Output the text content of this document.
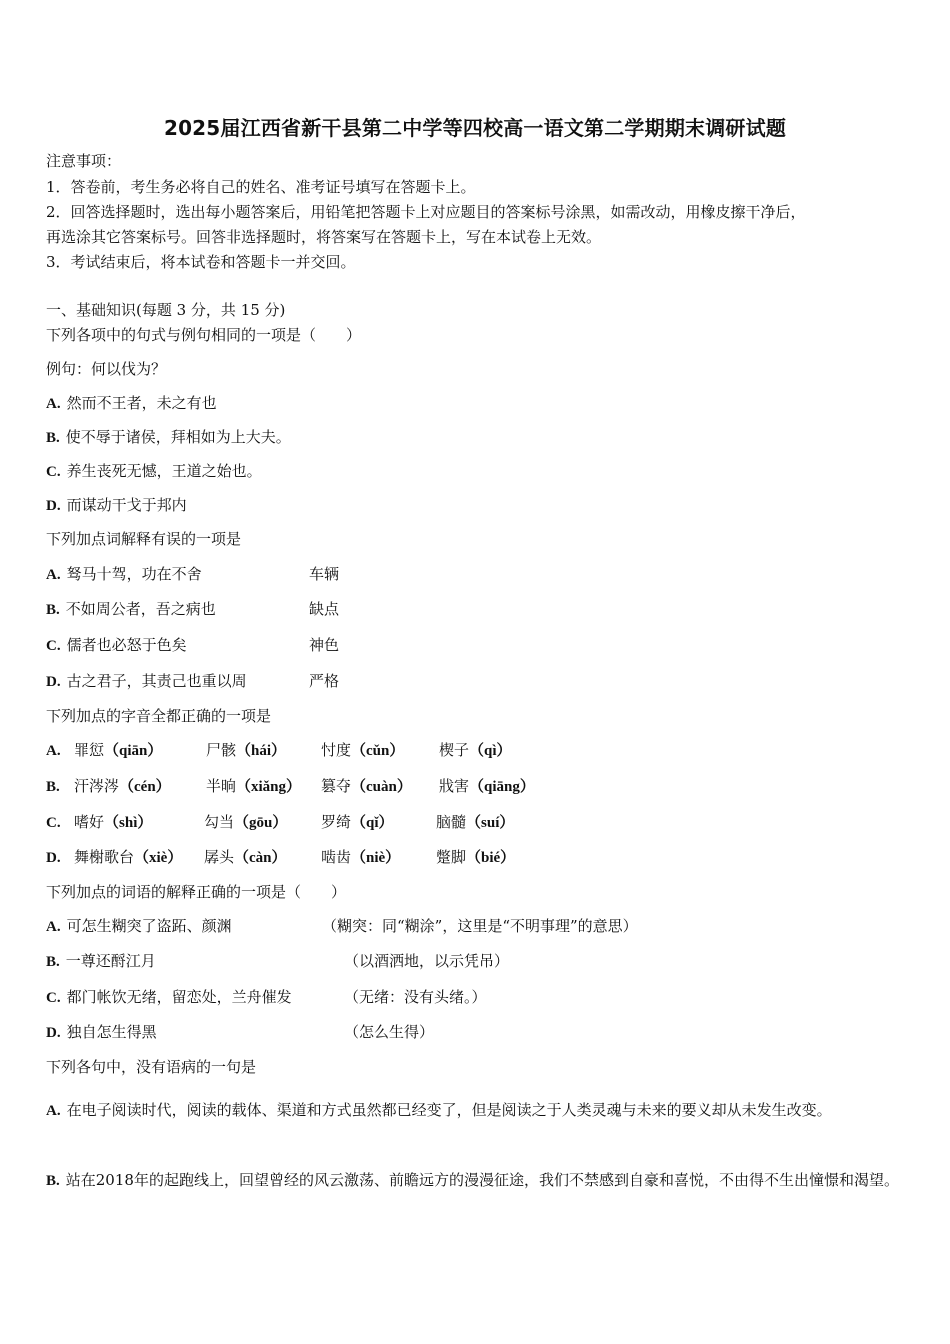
2025届江西省新干县第二中学等四校高一语文第二学期期末调研试题
注意事项：
1．答卷前，考生务必将自己的姓名、准考证号填写在答题卡上。
2．回答选择题时，选出每小题答案后，用铅笔把答题卡上对应题目的答案标号涂黑，如需改动，用橡皮擦干净后，
再选涂其它答案标号。回答非选择题时，将答案写在答题卡上，写在本试卷上无效。
3．考试结束后，将本试卷和答题卡一并交回。
一、基础知识(每题 3 分，共 15 分)
下列各项中的句式与例句相同的一项是（　　）
例句：何以伐为？
A. 然而不王者，未之有也
B. 使不辱于诸侯，拜相如为上大夫。
C. 养生丧死无憾，王道之始也。
D. 而谋动干戈于邦内
下列加点词解释有误的一项是
A. 驽马十驾，功在不舍	车辆
B. 不如周公者，吾之病也	缺点
C. 儒者也必怒于色矣	神色
D. 古之君子，其责己也重以周	严格
下列加点的字音全都正确的一项是
A. 罪愆（qiān）	尸骸（hái） 忖度（cǔn） 楔子（qì）
B. 汗涔涔（cén） 半晌（xiǎng） 篡夺（cuàn） 戕害（qiāng）
C. 嗜好（shì）	勾当（gōu） 罗绮（qǐ）	脑髓（suí）
D. 舞榭歌台（xiè） 孱头（càn） 啮齿（niè） 蹩脚（bié）
下列加点的词语的解释正确的一项是（　　）
A. 可怎生糊突了盗跖、颜渊	（糊突：同“糊涂”，这里是“不明事理”的意思）
B. 一尊还酹江月	（以酒洒地，以示凭吊）
C. 都门帐饮无绪，留恋处，兰舟催发	（无绪：没有头绪。）
D. 独自怎生得黑	（怎么生得）
下列各句中，没有语病的一句是
A. 在电子阅读时代，阅读的载体、渠道和方式虽然都已经变了，但是阅读之于人类灵魂与未来的要义却从未发生改变。
B. 站在2018年的起跑线上，回望曾经的风云激荡、前瞻远方的漫漫征途，我们不禁感到自豪和喜悦，不由得不生出憧憬和渴望。
